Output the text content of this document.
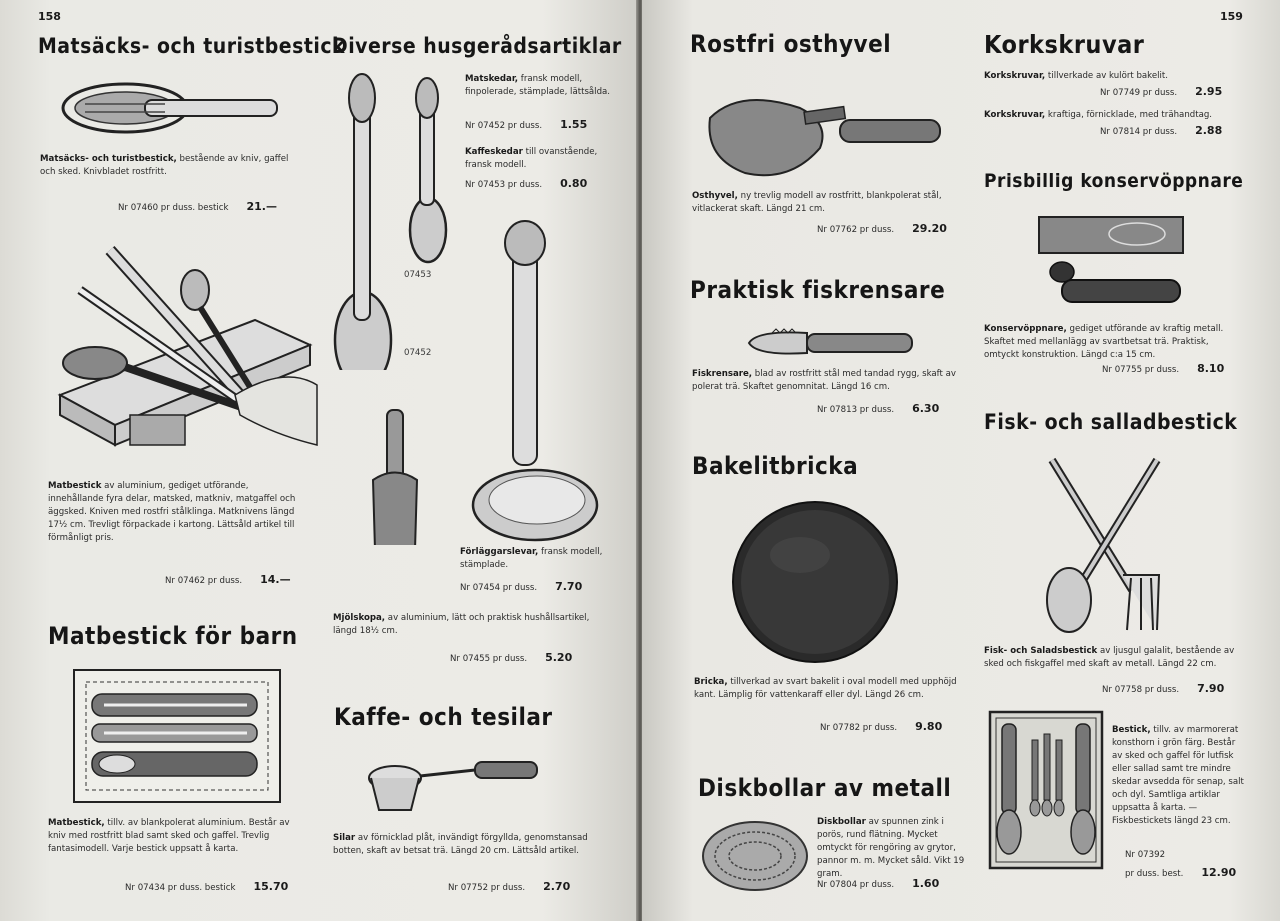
158
Matsäcks- och turistbestick
Matsäcks- och turistbestick, bestående av kniv, gaffel och sked. Knivbladet rostfritt.
Nr 07460 pr duss. bestick 21.—
Matbestick av aluminium, gediget utförande, innehållande fyra delar, matsked, matkniv, matgaffel och äggsked. Kniven med rostfri stålklinga. Matknivens längd 17½ cm. Trevligt förpackade i kartong. Lättsåld artikel till förmånligt pris.
Nr 07462 pr duss. 14.—
Matbestick för barn
Matbestick, tillv. av blankpolerat aluminium. Består av kniv med rostfritt blad samt sked och gaffel. Trevlig fantasimodell. Varje bestick uppsatt å karta.
Nr 07434 pr duss. bestick 15.70
Diverse husgerådsartiklar
07453
07452
Matskedar, fransk modell, finpolerade, stämplade, lättsålda.
Nr 07452 pr duss. 1.55
Kaffeskedar till ovanstående, fransk modell.
Nr 07453 pr duss. 0.80
Förläggarslevar, fransk modell, stämplade.
Nr 07454 pr duss. 7.70
Mjölskopa, av aluminium, lätt och praktisk hushållsartikel, längd 18½ cm.
Nr 07455 pr duss. 5.20
Kaffe- och tesilar
Silar av förnicklad plåt, invändigt förgyllda, genomstansad botten, skaft av betsat trä. Längd 20 cm. Lättsåld artikel.
Nr 07752 pr duss. 2.70
159
Rostfri osthyvel
Osthyvel, ny trevlig modell av rostfritt, blankpolerat stål, vitlackerat skaft. Längd 21 cm.
Nr 07762 pr duss. 29.20
Praktisk fiskrensare
Fiskrensare, blad av rostfritt stål med tandad rygg, skaft av polerat trä. Skaftet genomnitat. Längd 16 cm.
Nr 07813 pr duss. 6.30
Bakelitbricka
Bricka, tillverkad av svart bakelit i oval modell med upphöjd kant. Lämplig för vattenkaraff eller dyl. Längd 26 cm.
Nr 07782 pr duss. 9.80
Diskbollar av metall
Diskbollar av spunnen zink i porös, rund flätning. Mycket omtyckt för rengöring av grytor, pannor m. m. Mycket såld. Vikt 19 gram.
Nr 07804 pr duss. 1.60
Korkskruvar
Korkskruvar, tillverkade av kulört bakelit.
Nr 07749 pr duss. 2.95
Korkskruvar, kraftiga, förnicklade, med trähandtag.
Nr 07814 pr duss. 2.88
Prisbillig konservöppnare
Konservöppnare, gediget utförande av kraftig metall. Skaftet med mellanlägg av svartbetsat trä. Praktisk, omtyckt konstruktion. Längd c:a 15 cm.
Nr 07755 pr duss. 8.10
Fisk- och salladbestick
Fisk- och Saladsbestick av ljusgul galalit, bestående av sked och fiskgaffel med skaft av metall. Längd 22 cm.
Nr 07758 pr duss. 7.90
Bestick, tillv. av marmorerat konsthorn i grön färg. Består av sked och gaffel för lutfisk eller sallad samt tre mindre skedar avsedda för senap, salt och dyl. Samtliga artiklar uppsatta å karta. — Fiskbestickets längd 23 cm.
Nr 07392
pr duss. best. 12.90
